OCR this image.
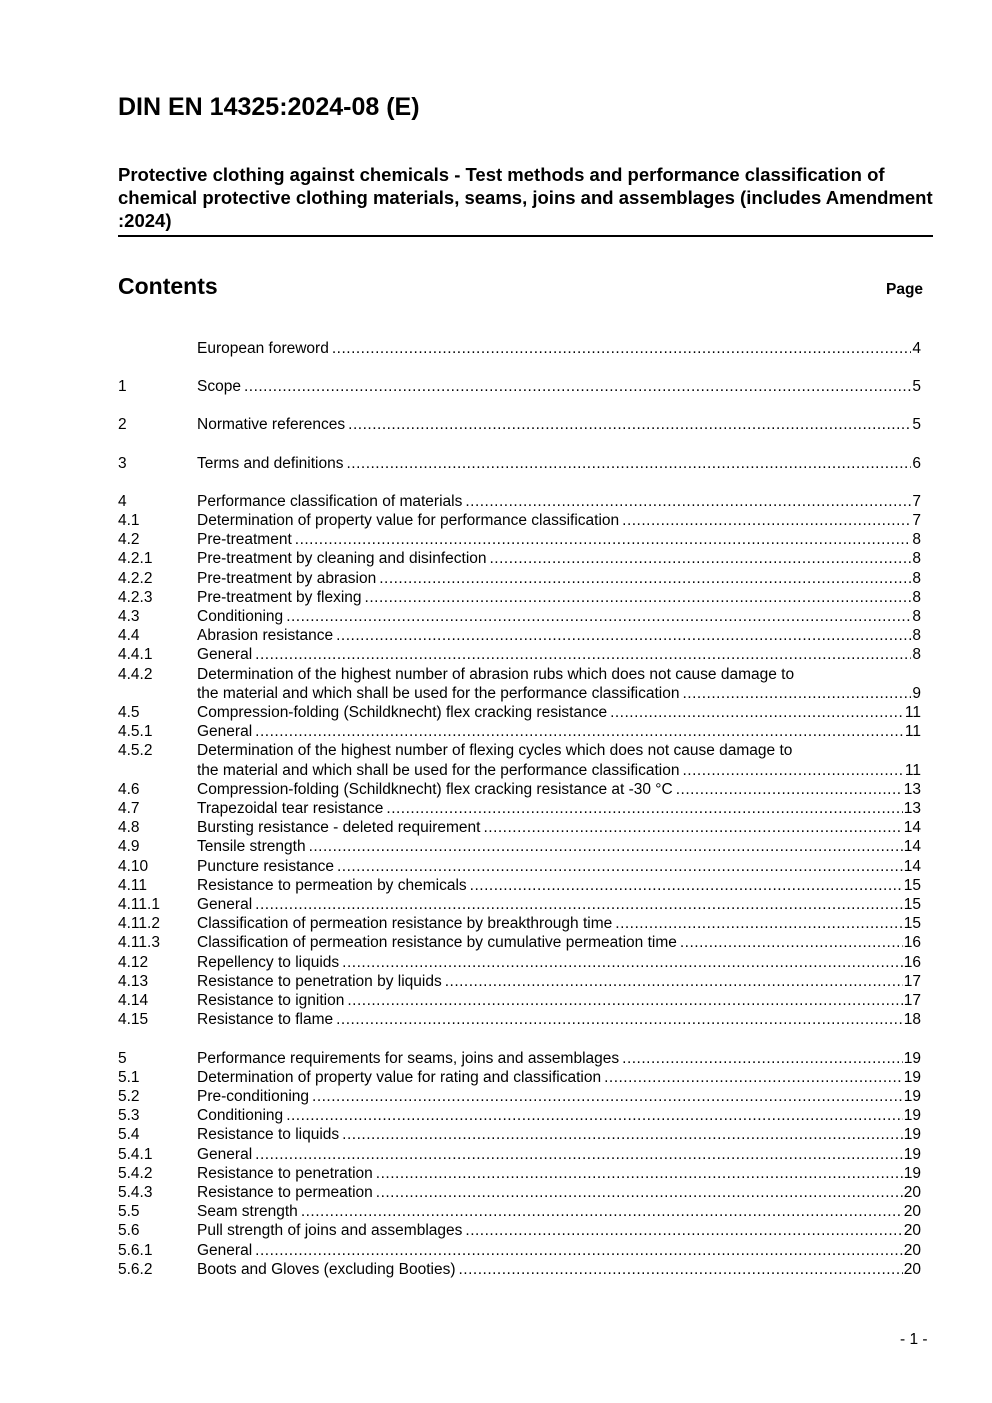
DIN EN 14325:2024-08 (E)
Protective clothing against chemicals - Test methods and performance classification of chemical protective clothing materials, seams, joins and assemblages (includes Amendment :2024)
Contents	Page
European foreword .....	4
1	Scope .....	5
2	Normative references .....	5
3	Terms and definitions .....	6
4	Performance classification of materials .....	7
4.1	Determination of property value for performance classification .....	7
4.2	Pre-treatment .....	8
4.2.1	Pre-treatment by cleaning and disinfection .....	8
4.2.2	Pre-treatment by abrasion .....	8
4.2.3	Pre-treatment by flexing .....	8
4.3	Conditioning .....	8
4.4	Abrasion resistance .....	8
4.4.1	General .....	8
4.4.2	Determination of the highest number of abrasion rubs which does not cause damage to
the material and which shall be used for the performance classification .....	9
4.5	Compression-folding (Schildknecht) flex cracking resistance .....	11
4.5.1	General .....	11
4.5.2	Determination of the highest number of flexing cycles which does not cause damage to
the material and which shall be used for the performance classification .....	11
4.6	Compression-folding (Schildknecht) flex cracking resistance at -30 °C .....	13
4.7	Trapezoidal tear resistance .....	13
4.8	Bursting resistance - deleted requirement .....	14
4.9	Tensile strength .....	14
4.10	Puncture resistance .....	14
4.11	Resistance to permeation by chemicals .....	15
4.11.1	General .....	15
4.11.2	Classification of permeation resistance by breakthrough time .....	15
4.11.3	Classification of permeation resistance by cumulative permeation time .....	16
4.12	Repellency to liquids .....	16
4.13	Resistance to penetration by liquids .....	17
4.14	Resistance to ignition .....	17
4.15	Resistance to flame .....	18
5	Performance requirements for seams, joins and assemblages .....	19
5.1	Determination of property value for rating and classification .....	19
5.2	Pre-conditioning .....	19
5.3	Conditioning .....	19
5.4	Resistance to liquids .....	19
5.4.1	General .....	19
5.4.2	Resistance to penetration .....	19
5.4.3	Resistance to permeation .....	20
5.5	Seam strength .....	20
5.6	Pull strength of joins and assemblages .....	20
5.6.1	General .....	20
5.6.2	Boots and Gloves (excluding Booties) .....	20
- 1 -
